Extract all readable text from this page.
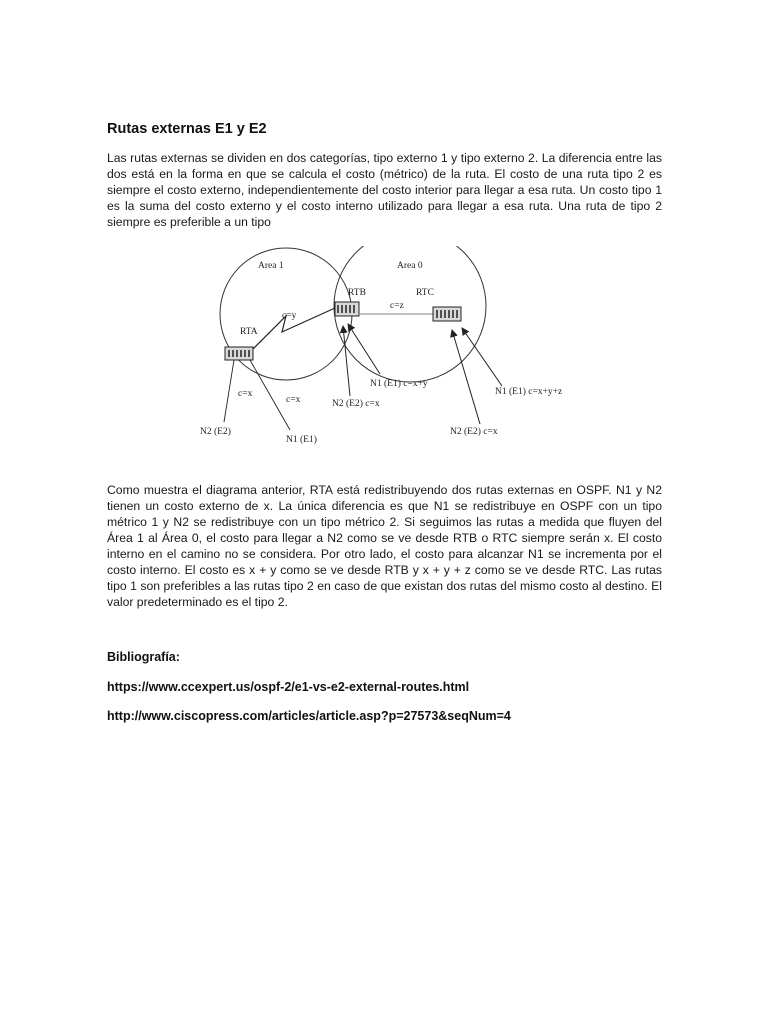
Rutas externas E1 y E2
Las rutas externas se dividen en dos categorías, tipo externo 1 y tipo externo 2. La diferencia entre las dos está en la forma en que se calcula el costo (métrico) de la ruta. El costo de una ruta tipo 2 es siempre el costo externo, independientemente del costo interior para llegar a esa ruta. Un costo tipo 1 es la suma del costo externo y el costo interno utilizado para llegar a esa ruta. Una ruta de tipo 2 siempre es preferible a un tipo
Area 1	Area 0
c=y
c=z
RTB	RTC
RTA
c=x
c=x
N2 (E2)
N1 (E1)
N1 (E1) c=x+y
N2 (E2) c=x
N1 (E1) c=x+y+z
N2 (E2) c=x
Como muestra el diagrama anterior, RTA está redistribuyendo dos rutas externas en OSPF. N1 y N2 tienen un costo externo de x. La única diferencia es que N1 se redistribuye en OSPF con un tipo métrico 1 y N2 se redistribuye con un tipo métrico 2. Si seguimos las rutas a medida que fluyen del Área 1 al Área 0, el costo para llegar a N2 como se ve desde RTB o RTC siempre serán x. El costo interno en el camino no se considera. Por otro lado, el costo para alcanzar N1 se incrementa por el costo interno. El costo es x + y como se ve desde RTB y x + y + z como se ve desde RTC. Las rutas tipo 1 son preferibles a las rutas tipo 2 en caso de que existan dos rutas del mismo costo al destino. El valor predeterminado es el tipo 2.
Bibliografía:
https://www.ccexpert.us/ospf-2/e1-vs-e2-external-routes.html
http://www.ciscopress.com/articles/article.asp?p=27573&seqNum=4
